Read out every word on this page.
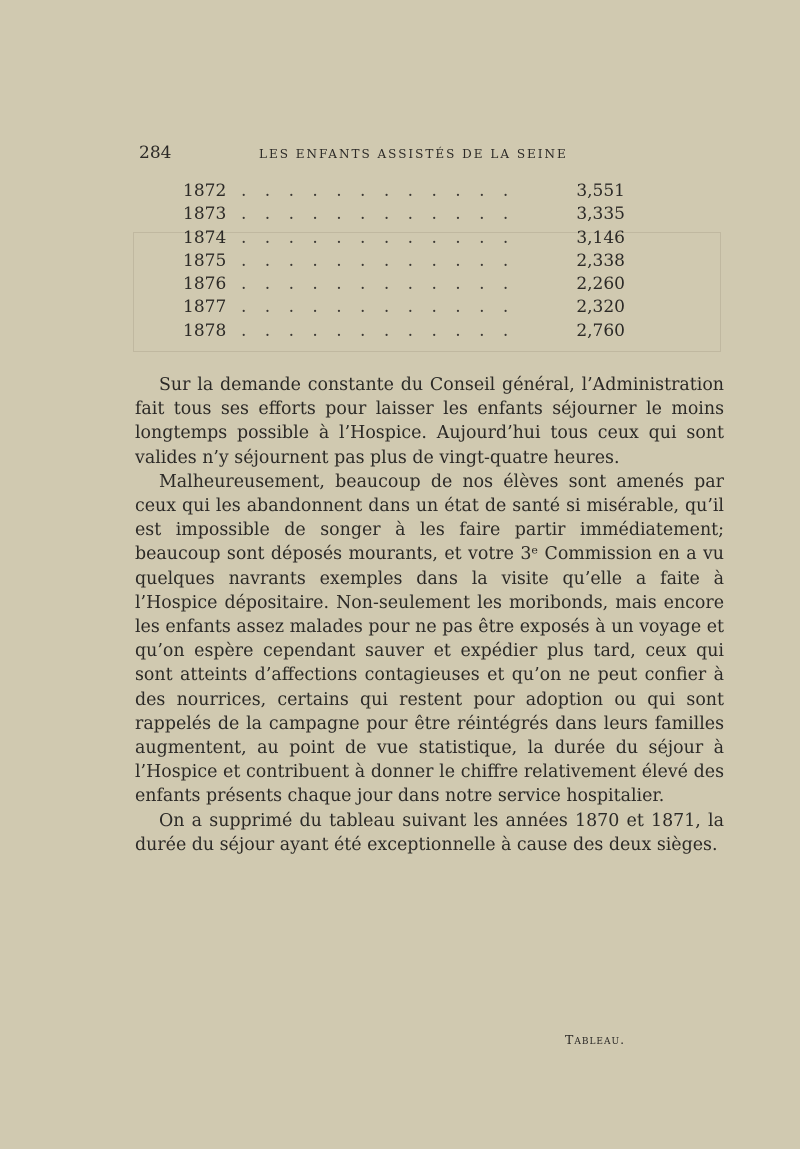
284	LES ENFANTS ASSISTÉS DE LA SEINE
1872 . . . . . . . . . . . .	3,551
1873 . . . . . . . . . . . .	3,335
1874 . . . . . . . . . . . .	3,146
1875 . . . . . . . . . . . .	2,338
1876 . . . . . . . . . . . .	2,260
1877 . . . . . . . . . . . .	2,320
1878 . . . . . . . . . . . .	2,760

Sur la demande constante du Conseil général, l’Administration fait tous ses efforts pour laisser les enfants séjourner le moins longtemps possible à l’Hospice. Aujourd’hui tous ceux qui sont valides n’y séjournent pas plus de vingt-quatre heures.

Malheureusement, beaucoup de nos élèves sont amenés par ceux qui les abandonnent dans un état de santé si misérable, qu’il est impossible de songer à les faire partir immédiatement; beaucoup sont déposés mourants, et votre 3ᵉ Commission en a vu quelques navrants exemples dans la visite qu’elle a faite à l’Hospice dépositaire. Non-seulement les moribonds, mais encore les enfants assez malades pour ne pas être exposés à un voyage et qu’on espère cependant sauver et expédier plus tard, ceux qui sont atteints d’affections contagieuses et qu’on ne peut confier à des nourrices, certains qui restent pour adoption ou qui sont rappelés de la campagne pour être réintégrés dans leurs familles augmentent, au point de vue statistique, la durée du séjour à l’Hospice et contribuent à donner le chiffre relativement élevé des enfants présents chaque jour dans notre service hospitalier.

On a supprimé du tableau suivant les années 1870 et 1871, la durée du séjour ayant été exceptionnelle à cause des deux sièges.

Tableau.
